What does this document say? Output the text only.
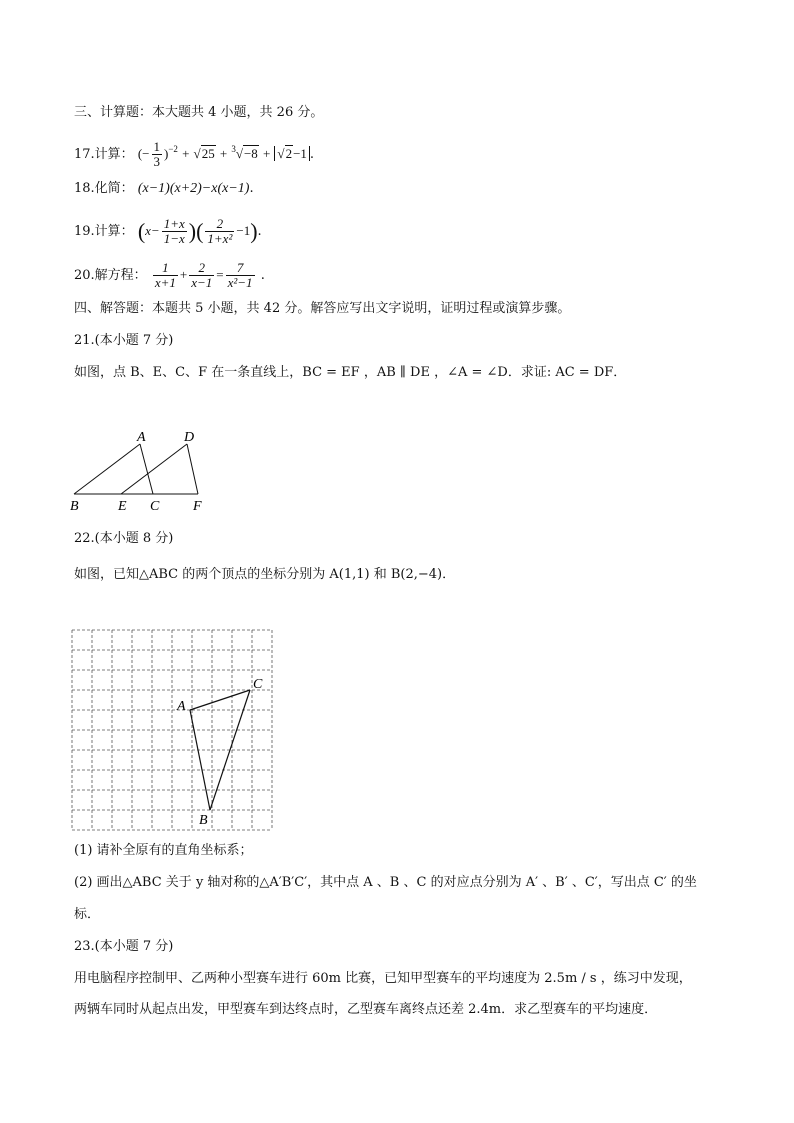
三、计算题：本大题共 4 小题，共 26 分。
17.计算： (− $\frac{1}{3} )^{-2} + √25 + ^3√-8 + √2-1$ .
18.化简： (x−1)(x+2)−x(x−1).
19.计算： ($x- \frac{1+x}{1-x}$ )( $\frac{2}{\text{1+x²}} -1$).
20.解方程： $\frac{1}{x+1} + \frac{2}{x-1} = \frac{7}{\text{x²−1}}$ .
四、解答题：本题共 5 小题，共 42 分。解答应写出文字说明，证明过程或演算步骤。
21.(本小题 7 分)
如图，点 B、E、C、F 在一条直线上，BC = EF ，AB ∥ DE ，∠A = ∠D．求证: AC = DF．
A	D
B	E C F
22.(本小题 8 分)
如图，已知△ABC 的两个顶点的坐标分别为 A(1,1) 和 B(2,−4)．
A
C
B
(1) 请补全原有的直角坐标系；
(2) 画出△ABC 关于 y 轴对称的△A′B′C′，其中点 A 、B 、C 的对应点分别为 A′ 、B′ 、C′，写出点 C′ 的坐
标．
23.(本小题 7 分)
用电脑程序控制甲、乙两种小型赛车进行 60m 比赛，已知甲型赛车的平均速度为 2.5m / s ，练习中发现，
两辆车同时从起点出发，甲型赛车到达终点时，乙型赛车离终点还差 2.4m．求乙型赛车的平均速度．
